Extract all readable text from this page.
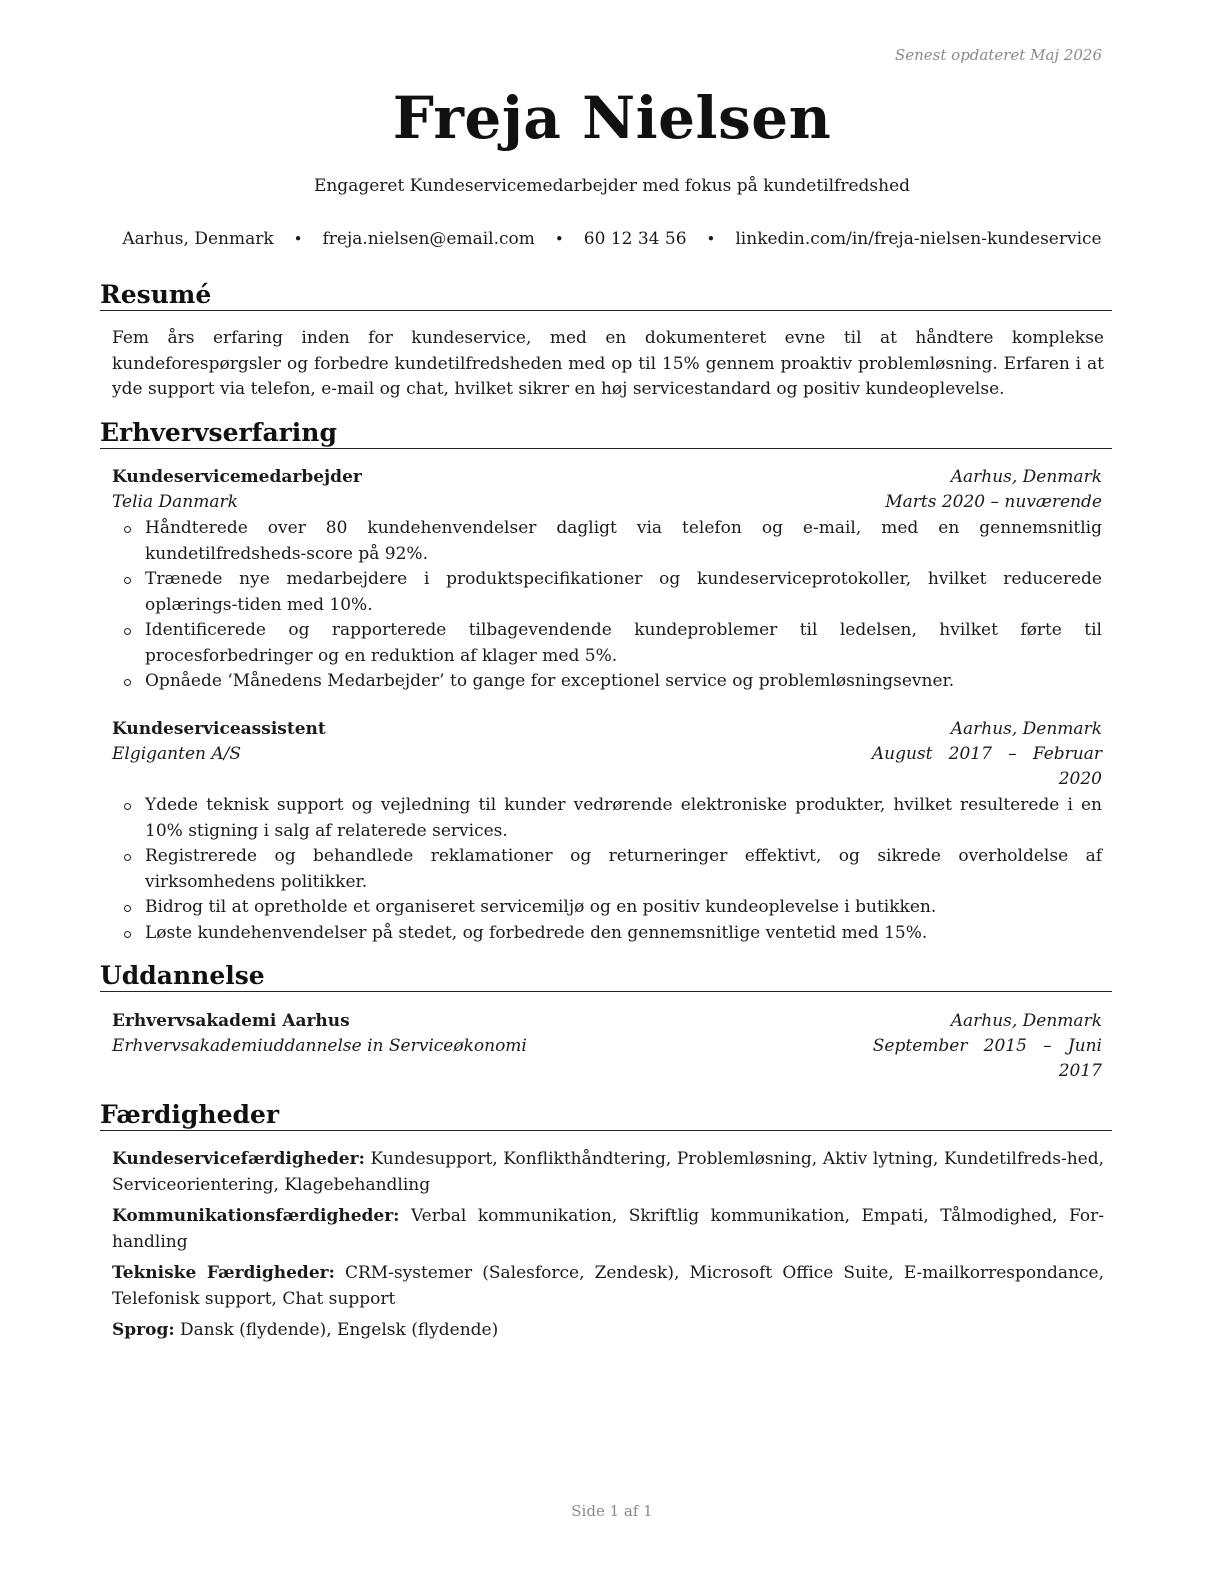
Senest opdateret Maj 2026
Freja Nielsen
Engageret Kundeservicemedarbejder med fokus på kundetilfredshed
Aarhus, Denmark • freja.nielsen@email.com • 60 12 34 56 • linkedin.com/in/freja-nielsen-kundeservice
Resumé
Fem års erfaring inden for kundeservice, med en dokumenteret evne til at håndtere komplekse kundeforespørgsler og forbedre kundetilfredsheden med op til 15% gennem proaktiv problemløsning. Erfaren i at yde support via telefon, e-mail og chat, hvilket sikrer en høj servicestandard og positiv kundeoplevelse.
Erhvervserfaring
Kundeservicemedarbejder	Aarhus, Denmark
Telia Danmark	Marts 2020 – nuværende
Håndterede over 80 kundehenvendelser dagligt via telefon og e-mail, med en gennemsnitlig kundetilfredsheds-score på 92%.
Trænede nye medarbejdere i produktspecifikationer og kundeserviceprotokoller, hvilket reducerede oplærings-tiden med 10%.
Identificerede og rapporterede tilbagevendende kundeproblemer til ledelsen, hvilket førte til procesforbedringer og en reduktion af klager med 5%.
Opnåede ‘Månedens Medarbejder’ to gange for exceptionel service og problemløsningsevner.
Kundeserviceassistent	Aarhus, Denmark
Elgiganten A/S	August   2017   –   Februar
2020
Ydede teknisk support og vejledning til kunder vedrørende elektroniske produkter, hvilket resulterede i en 10% stigning i salg af relaterede services.
Registrerede og behandlede reklamationer og returneringer effektivt, og sikrede overholdelse af virksomhedens politikker.
Bidrog til at opretholde et organiseret servicemiljø og en positiv kundeoplevelse i butikken.
Løste kundehenvendelser på stedet, og forbedrede den gennemsnitlige ventetid med 15%.
Uddannelse
Erhvervsakademi Aarhus	Aarhus, Denmark
Erhvervsakademiuddannelse in Serviceøkonomi	September   2015   –   Juni
2017
Færdigheder
Kundeservicefærdigheder: Kundesupport, Konflikthåndtering, Problemløsning, Aktiv lytning, Kundetilfreds-hed, Serviceorientering, Klagebehandling
Kommunikationsfærdigheder: Verbal kommunikation, Skriftlig kommunikation, Empati, Tålmodighed, For-handling
Tekniske Færdigheder: CRM-systemer (Salesforce, Zendesk), Microsoft Office Suite, E-mailkorrespondance, Telefonisk support, Chat support
Sprog: Dansk (flydende), Engelsk (flydende)
Side 1 af 1
